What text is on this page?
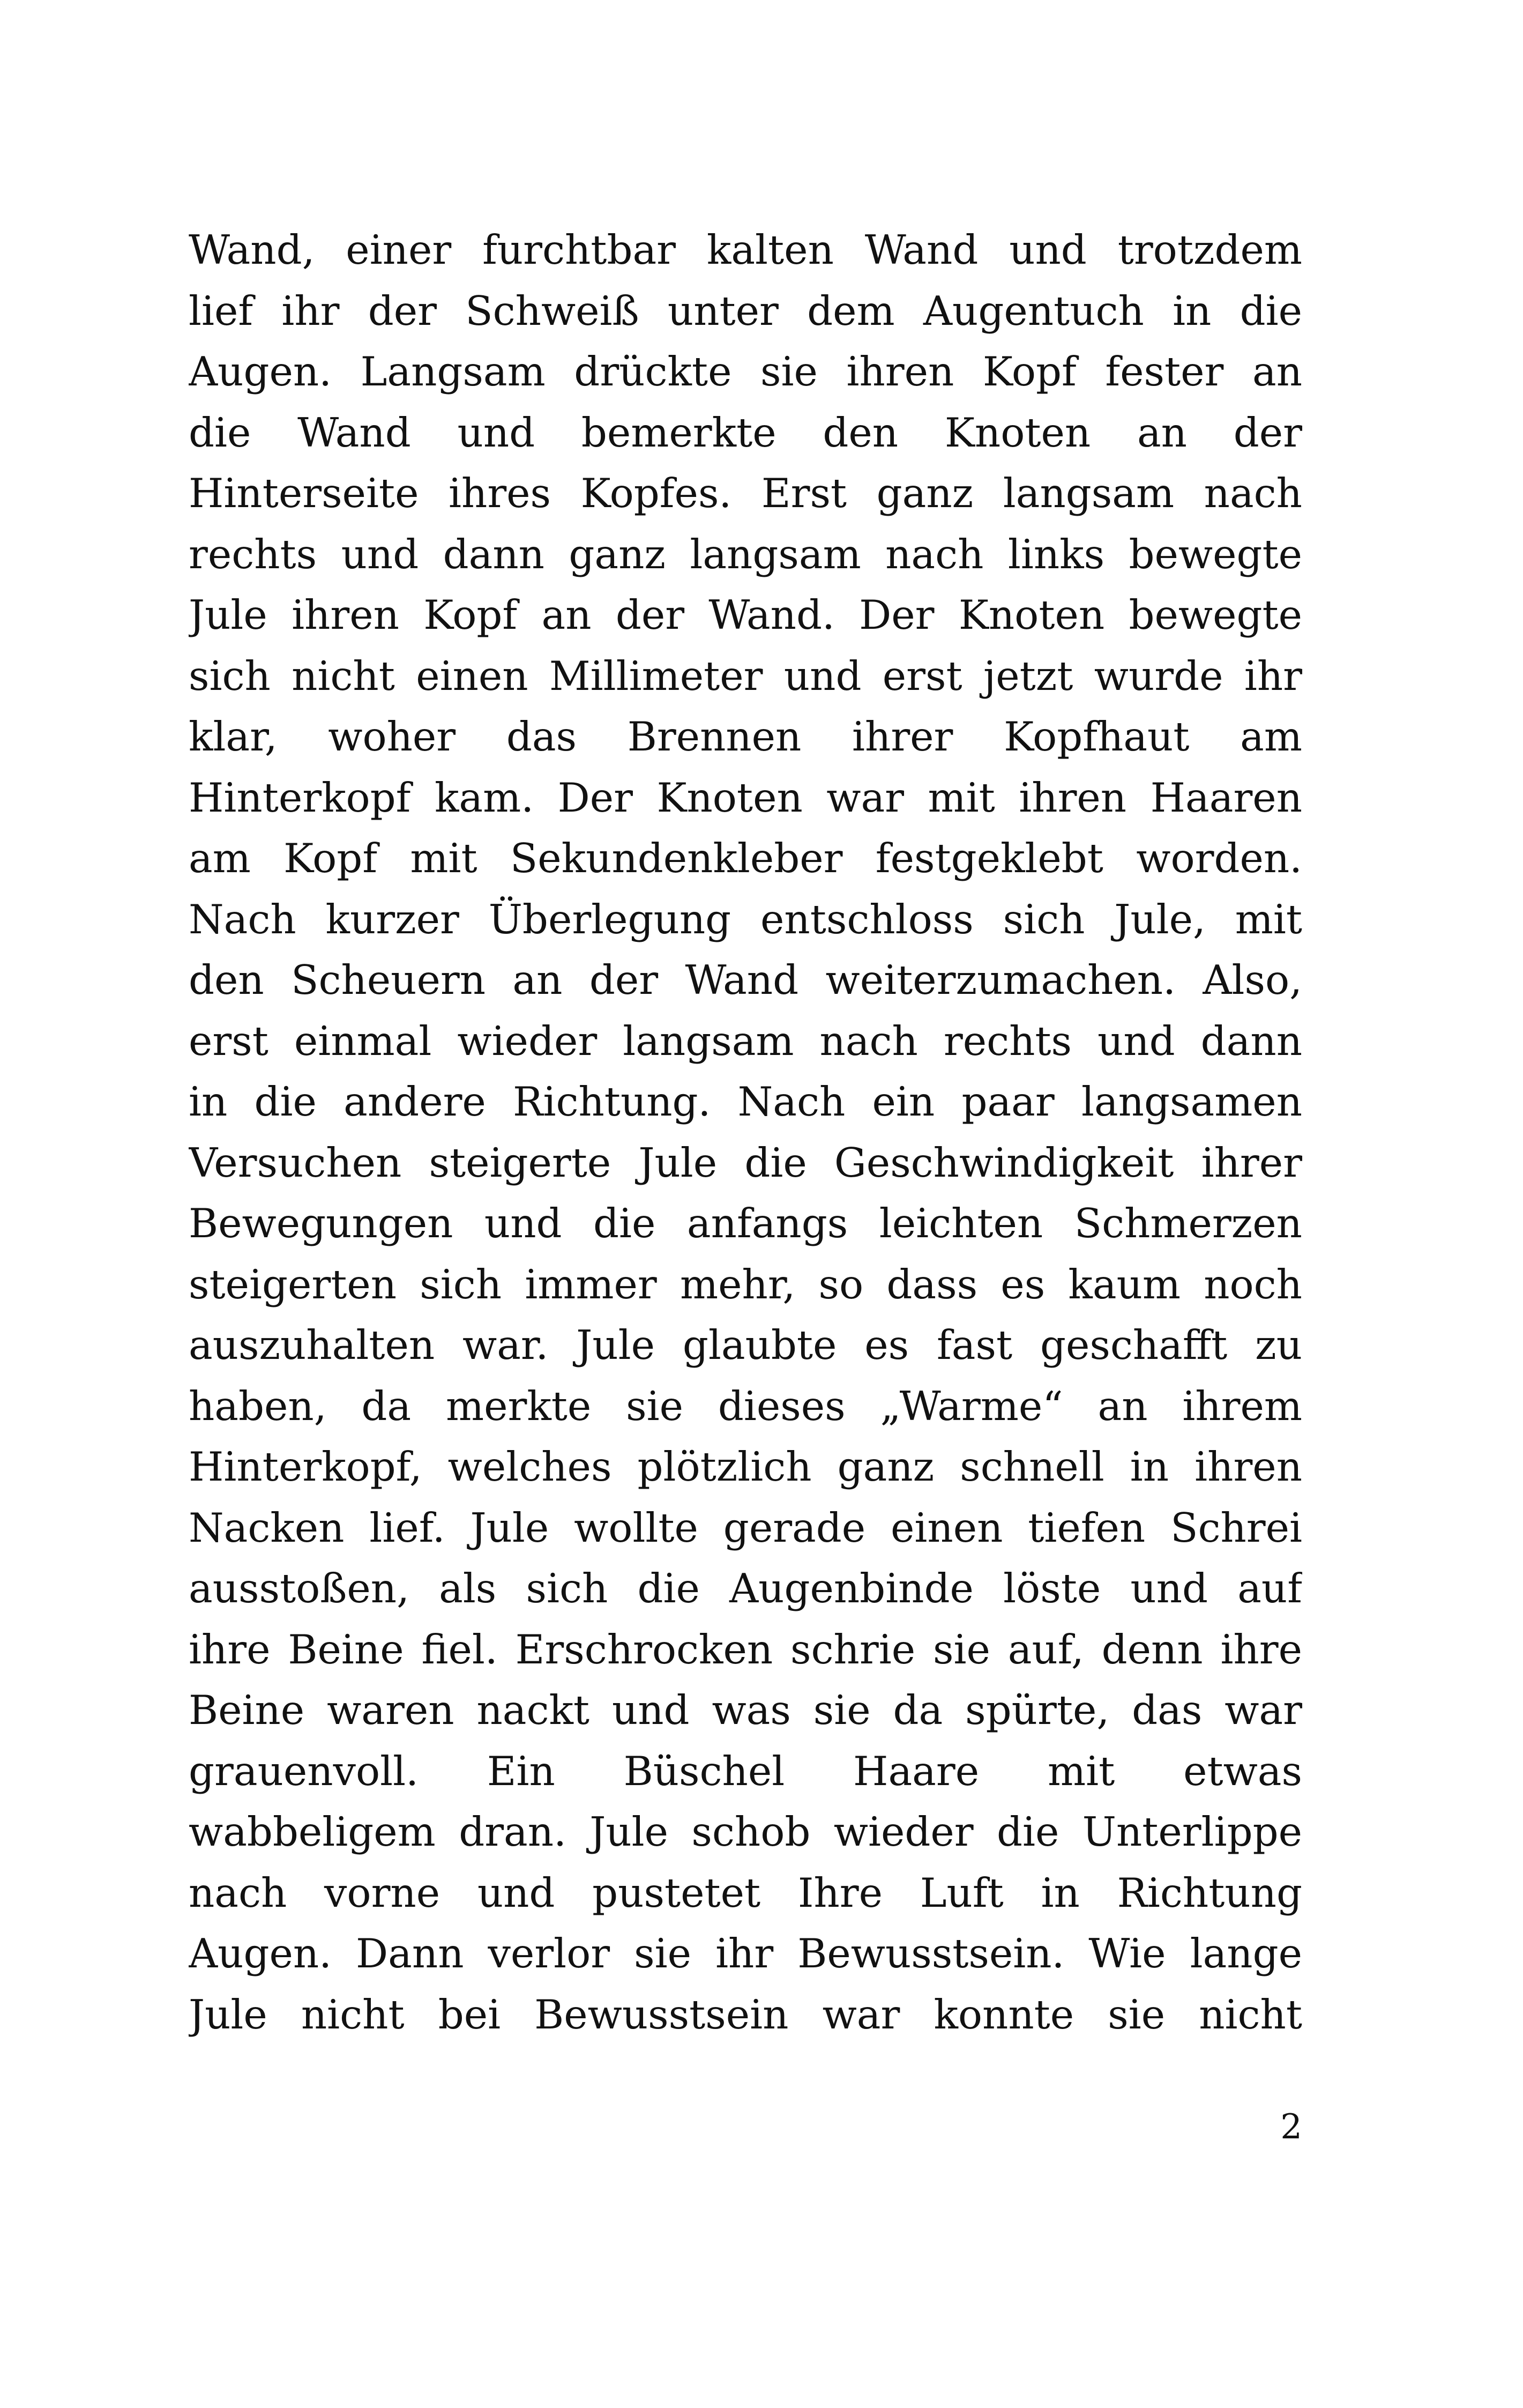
Wand, einer furchtbar kalten Wand und trotzdem
lief ihr der Schweiß unter dem Augentuch in die
Augen. Langsam drückte sie ihren Kopf fester an
die Wand und bemerkte den Knoten an der
Hinterseite ihres Kopfes. Erst ganz langsam nach
rechts und dann ganz langsam nach links bewegte
Jule ihren Kopf an der Wand. Der Knoten bewegte
sich nicht einen Millimeter und erst jetzt wurde ihr
klar, woher das Brennen ihrer Kopfhaut am
Hinterkopf kam. Der Knoten war mit ihren Haaren
am Kopf mit Sekundenkleber festgeklebt worden.
Nach kurzer Überlegung entschloss sich Jule, mit
den Scheuern an der Wand weiterzumachen. Also,
erst einmal wieder langsam nach rechts und dann
in die andere Richtung. Nach ein paar langsamen
Versuchen steigerte Jule die Geschwindigkeit ihrer
Bewegungen und die anfangs leichten Schmerzen
steigerten sich immer mehr, so dass es kaum noch
auszuhalten war. Jule glaubte es fast geschafft zu
haben, da merkte sie dieses „Warme“ an ihrem
Hinterkopf, welches plötzlich ganz schnell in ihren
Nacken lief. Jule wollte gerade einen tiefen Schrei
ausstoßen, als sich die Augenbinde löste und auf
ihre Beine fiel. Erschrocken schrie sie auf, denn ihre
Beine waren nackt und was sie da spürte, das war
grauenvoll. Ein Büschel Haare mit etwas
wabbeligem dran. Jule schob wieder die Unterlippe
nach vorne und pustetet Ihre Luft in Richtung
Augen. Dann verlor sie ihr Bewusstsein. Wie lange
Jule nicht bei Bewusstsein war konnte sie nicht
2
